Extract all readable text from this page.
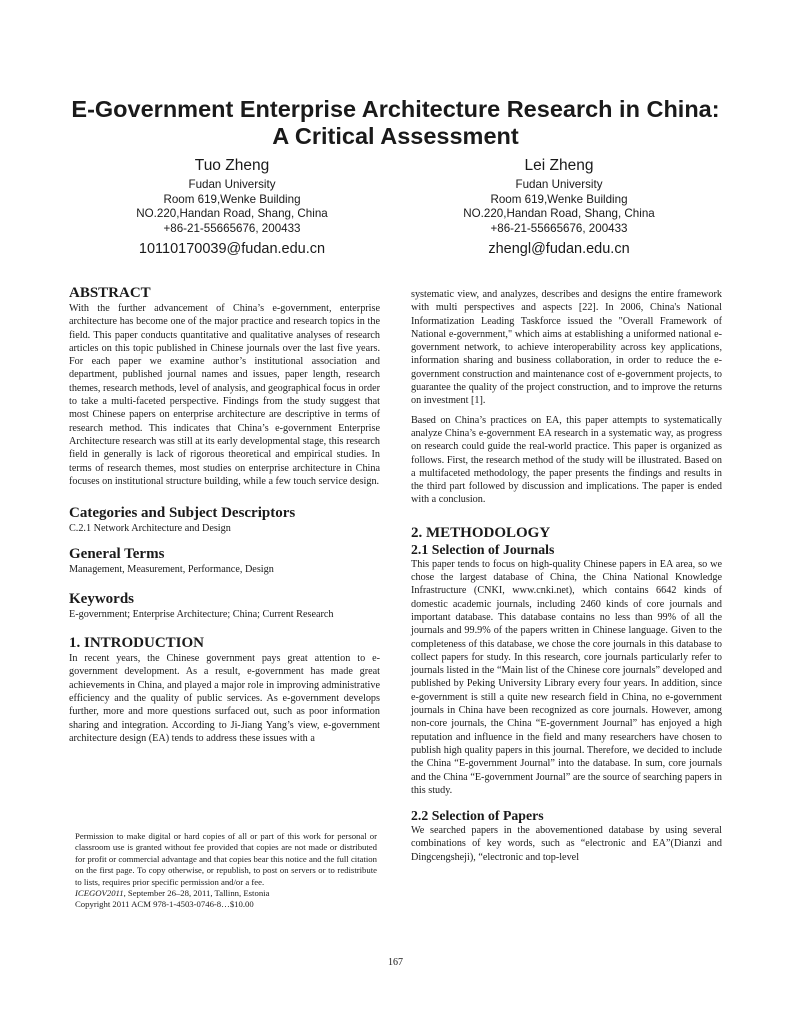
E-Government Enterprise Architecture Research in China:
A Critical Assessment
Tuo Zheng
Fudan University
Room 619,Wenke Building
NO.220,Handan Road, Shang, China
+86-21-55665676, 200433
10110170039@fudan.edu.cn
Lei Zheng
Fudan University
Room 619,Wenke Building
NO.220,Handan Road, Shang, China
+86-21-55665676, 200433
zhengl@fudan.edu.cn
ABSTRACT

With the further advancement of China’s e-government, enterprise architecture has become one of the major practice and research topics in the field. This paper conducts quantitative and qualitative analyses of research articles on this topic published in Chinese journals over the last five years. For each paper we examine author’s institutional association and department, published journal names and issues, paper length, research themes, research methods, level of analysis, and geographical focus in order to take a multi-faceted perspective. Findings from the study suggest that most Chinese papers on enterprise architecture are descriptive in terms of research method. This indicates that China’s e-government Enterprise Architecture research was still at its early developmental stage, this research field in generally is lack of rigorous theoretical and empirical studies. In terms of research themes, most studies on enterprise architecture in China focuses on institutional structure building, while a few touch service design.

Categories and Subject Descriptors

C.2.1 Network Architecture and Design

General Terms

Management, Measurement, Performance, Design

Keywords

E-government; Enterprise Architecture; China; Current Research

1. INTRODUCTION

In recent years, the Chinese government pays great attention to e-government development. As a result, e-government has made great achievements in China, and played a major role in improving administrative efficiency and the quality of public services. As e-government develops further, more and more questions surfaced out, such as poor information sharing and integration. According to Ji-Jiang Yang’s view, e-government architecture design (EA) tends to address these issues with a

Permission to make digital or hard copies of all or part of this work for personal or classroom use is granted without fee provided that copies are not made or distributed for profit or commercial advantage and that copies bear this notice and the full citation on the first page. To copy otherwise, or republish, to post on servers or to redistribute to lists, requires prior specific permission and/or a fee.

ICEGOV2011, September 26–28, 2011, Tallinn, Estonia

Copyright 2011 ACM 978-1-4503-0746-8…$10.00

systematic view, and analyzes, describes and designs the entire framework with multi perspectives and aspects [22]. In 2006, China's National Informatization Leading Taskforce issued the "Overall Framework of National e-government," which aims at establishing a uniformed national e-government network, to achieve interoperability across key applications, information sharing and business collaboration, in order to reduce the e-government construction and maintenance cost of e-government projects, to guarantee the quality of the project construction, and to improve the returns on investment [1].

Based on China’s practices on EA, this paper attempts to systematically analyze China’s e-government EA research in a systematic way, as progress on research could guide the real-world practice. This paper is organized as follows. First, the research method of the study will be illustrated. Based on a multifaceted methodology, the paper presents the findings and results in the third part followed by discussion and implications. The paper is ended with a conclusion.

2. METHODOLOGY
2.1 Selection of Journals

This paper tends to focus on high-quality Chinese papers in EA area, so we chose the largest database of China, the China National Knowledge Infrastructure (CNKI, www.cnki.net), which contains 6642 kinds of domestic academic journals, including 2460 kinds of core journals and important database. This database contains no less than 99% of all the journals and 99.9% of the papers written in Chinese language. Given to the completeness of this database, we chose the core journals in this database to collect papers for study. In this research, core journals particularly refer to journals listed in the “Main list of the Chinese core journals” developed and published by Peking University Library every four years. In addition, since e-government is still a quite new research field in China, no e-government journals in China have been recognized as core journals. However, among non-core journals, the China “E-government Journal” has enjoyed a high reputation and influence in the field and many researchers have chosen to publish high quality papers in this journal. Therefore, we decided to include the China “E-government Journal” into the database. In sum, core journals and the China “E-government Journal” are the source of searching papers in this study.

2.2 Selection of Papers

We searched papers in the abovementioned database by using several combinations of key words, such as “electronic and EA”(Dianzi and Dingcengsheji), “electronic and top-level

167
